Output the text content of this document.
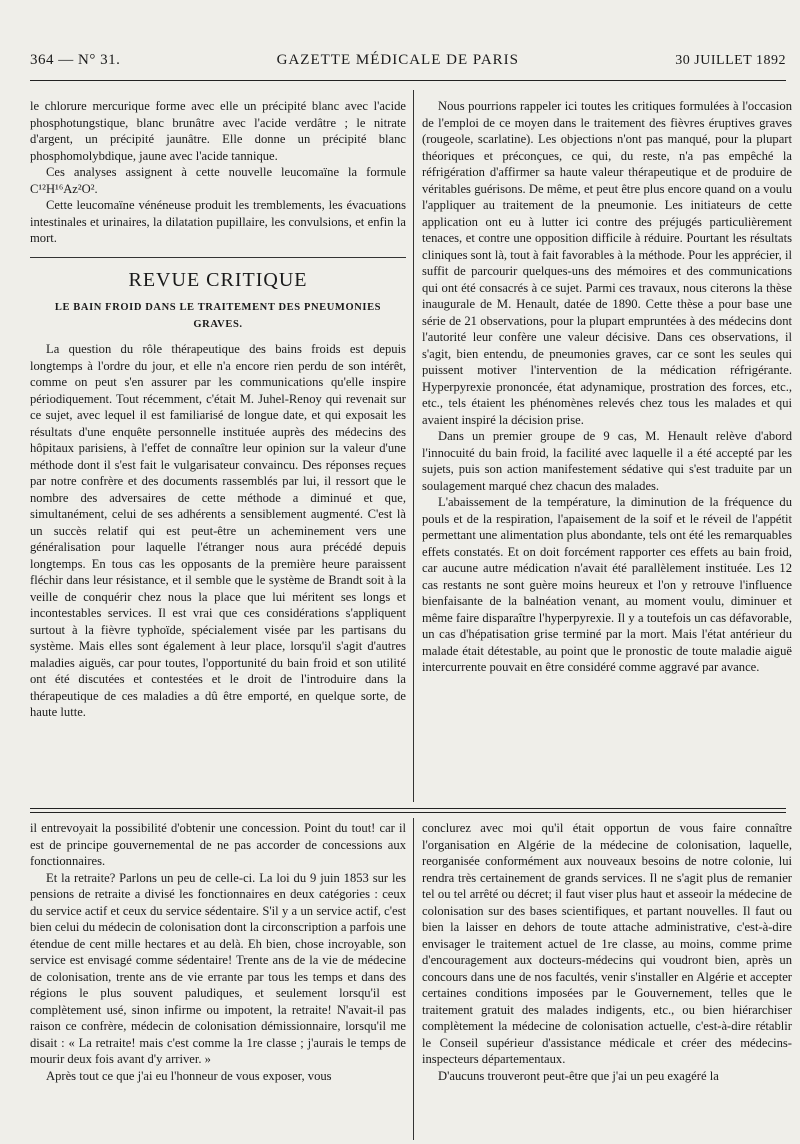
364 — N° 31.	GAZETTE MÉDICALE DE PARIS	30 JUILLET 1892

le chlorure mercurique forme avec elle un précipité blanc avec l'acide phosphotungstique, blanc brunâtre avec l'acide verdâtre ; le nitrate d'argent, un précipité jaunâtre. Elle donne un précipité blanc phosphomolybdique, jaune avec l'acide tannique.

Ces analyses assignent à cette nouvelle leucomaïne la formule C¹²H¹⁶Az²O².

Cette leucomaïne vénéneuse produit les tremblements, les évacuations intestinales et urinaires, la dilatation pupillaire, les convulsions, et enfin la mort.

REVUE CRITIQUE
LE BAIN FROID DANS LE TRAITEMENT DES PNEUMONIES GRAVES.

La question du rôle thérapeutique des bains froids est depuis longtemps à l'ordre du jour, et elle n'a encore rien perdu de son intérêt, comme on peut s'en assurer par les communications qu'elle inspire périodiquement. Tout récemment, c'était M. Juhel-Renoy qui revenait sur ce sujet, avec lequel il est familiarisé de longue date, et qui exposait les résultats d'une enquête personnelle instituée auprès des médecins des hôpitaux parisiens, à l'effet de connaître leur opinion sur la valeur d'une méthode dont il s'est fait le vulgarisateur convaincu. Des réponses reçues par notre confrère et des documents rassemblés par lui, il ressort que le nombre des adversaires de cette méthode a diminué et que, simultanément, celui de ses adhérents a sensiblement augmenté. C'est là un succès relatif qui est peut-être un acheminement vers une généralisation pour laquelle l'étranger nous aura précédé depuis longtemps. En tous cas les opposants de la première heure paraissent fléchir dans leur résistance, et il semble que le système de Brandt soit à la veille de conquérir chez nous la place que lui méritent ses longs et incontestables services. Il est vrai que ces considérations s'appliquent surtout à la fièvre typhoïde, spécialement visée par les partisans du système. Mais elles sont également à leur place, lorsqu'il s'agit d'autres maladies aiguës, car pour toutes, l'opportunité du bain froid et son utilité ont été discutées et contestées et le droit de l'introduire dans la thérapeutique de ces maladies a dû être emporté, en quelque sorte, de haute lutte.

Nous pourrions rappeler ici toutes les critiques formulées à l'occasion de l'emploi de ce moyen dans le traitement des fièvres éruptives graves (rougeole, scarlatine). Les objections n'ont pas manqué, pour la plupart théoriques et préconçues, ce qui, du reste, n'a pas empêché la réfrigération d'affirmer sa haute valeur thérapeutique et de produire de véritables guérisons. De même, et peut être plus encore quand on a voulu l'appliquer au traitement de la pneumonie. Les initiateurs de cette application ont eu à lutter ici contre des préjugés particulièrement tenaces, et contre une opposition difficile à réduire. Pourtant les résultats cliniques sont là, tout à fait favorables à la méthode. Pour les apprécier, il suffit de parcourir quelques-uns des mémoires et des communications qui ont été consacrés à ce sujet. Parmi ces travaux, nous citerons la thèse inaugurale de M. Henault, datée de 1890. Cette thèse a pour base une série de 21 observations, pour la plupart empruntées à des médecins dont l'autorité leur confère une valeur décisive. Dans ces observations, il s'agit, bien entendu, de pneumonies graves, car ce sont les seules qui puissent motiver l'intervention de la médication réfrigérante. Hyperpyrexie prononcée, état adynamique, prostration des forces, etc., etc., tels étaient les phénomènes relevés chez tous les malades et qui avaient inspiré la décision prise.

Dans un premier groupe de 9 cas, M. Henault relève d'abord l'innocuité du bain froid, la facilité avec laquelle il a été accepté par les sujets, puis son action manifestement sédative qui s'est traduite par un soulagement marqué chez chacun des malades.

L'abaissement de la température, la diminution de la fréquence du pouls et de la respiration, l'apaisement de la soif et le réveil de l'appétit permettant une alimentation plus abondante, tels ont été les remarquables effets constatés. Et on doit forcément rapporter ces effets au bain froid, car aucune autre médication n'avait été parallèlement instituée. Les 12 cas restants ne sont guère moins heureux et l'on y retrouve l'influence bienfaisante de la balnéation venant, au moment voulu, diminuer et même faire disparaître l'hyperpyrexie. Il y a toutefois un cas défavorable, un cas d'hépatisation grise terminé par la mort. Mais l'état antérieur du malade était détestable, au point que le pronostic de toute maladie aiguë intercurrente pouvait en être considéré comme aggravé par avance.

il entrevoyait la possibilité d'obtenir une concession. Point du tout! car il est de principe gouvernemental de ne pas accorder de concessions aux fonctionnaires.

Et la retraite? Parlons un peu de celle-ci. La loi du 9 juin 1853 sur les pensions de retraite a divisé les fonctionnaires en deux catégories : ceux du service actif et ceux du service sédentaire. S'il y a un service actif, c'est bien celui du médecin de colonisation dont la circonscription a parfois une étendue de cent mille hectares et au delà. Eh bien, chose incroyable, son service est envisagé comme sédentaire! Trente ans de la vie de médecine de colonisation, trente ans de vie errante par tous les temps et dans des régions le plus souvent paludiques, et seulement lorsqu'il est complètement usé, sinon infirme ou impotent, la retraite! N'avait-il pas raison ce confrère, médecin de colonisation démissionnaire, lorsqu'il me disait : « La retraite! mais c'est comme la 1re classe ; j'aurais le temps de mourir deux fois avant d'y arriver. »

Après tout ce que j'ai eu l'honneur de vous exposer, vous

conclurez avec moi qu'il était opportun de vous faire connaître l'organisation en Algérie de la médecine de colonisation, laquelle, reorganisée conformément aux nouveaux besoins de notre colonie, lui rendra très certainement de grands services. Il ne s'agit plus de remanier tel ou tel arrêté ou décret; il faut viser plus haut et asseoir la médecine de colonisation sur des bases scientifiques, et partant nouvelles. Il faut ou bien la laisser en dehors de toute attache administrative, c'est-à-dire envisager le traitement actuel de 1re classe, au moins, comme prime d'encouragement aux docteurs-médecins qui voudront bien, après un concours dans une de nos facultés, venir s'installer en Algérie et accepter certaines conditions imposées par le Gouvernement, telles que le traitement gratuit des malades indigents, etc., ou bien hiérarchiser complètement la médecine de colonisation actuelle, c'est-à-dire rétablir le Conseil supérieur d'assistance médicale et créer des médecins-inspecteurs départementaux.

D'aucuns trouveront peut-être que j'ai un peu exagéré la
